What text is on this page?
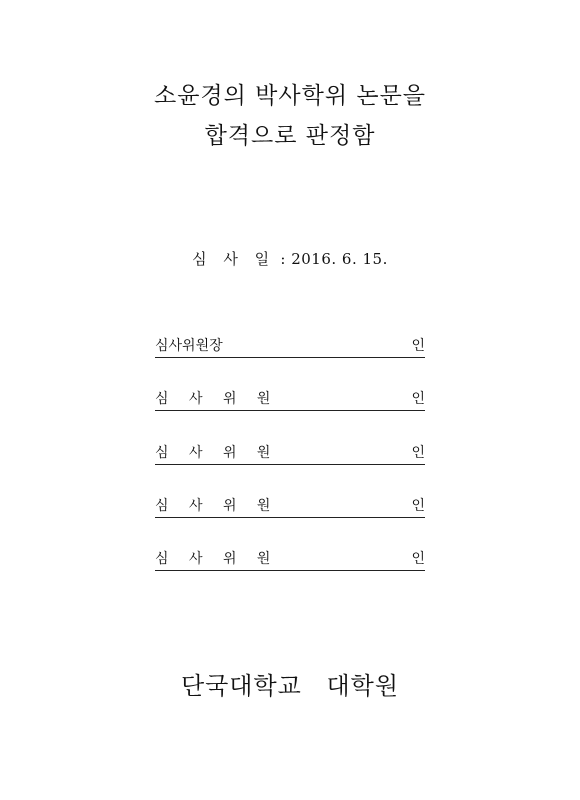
소윤경의 박사학위 논문을
합격으로 판정함
심 사 일 : 2016. 6. 15.
심사위원장	인
심 사 위 원	인
심 사 위 원	인
심 사 위 원	인
심 사 위 원	인
단국대학교 대학원
